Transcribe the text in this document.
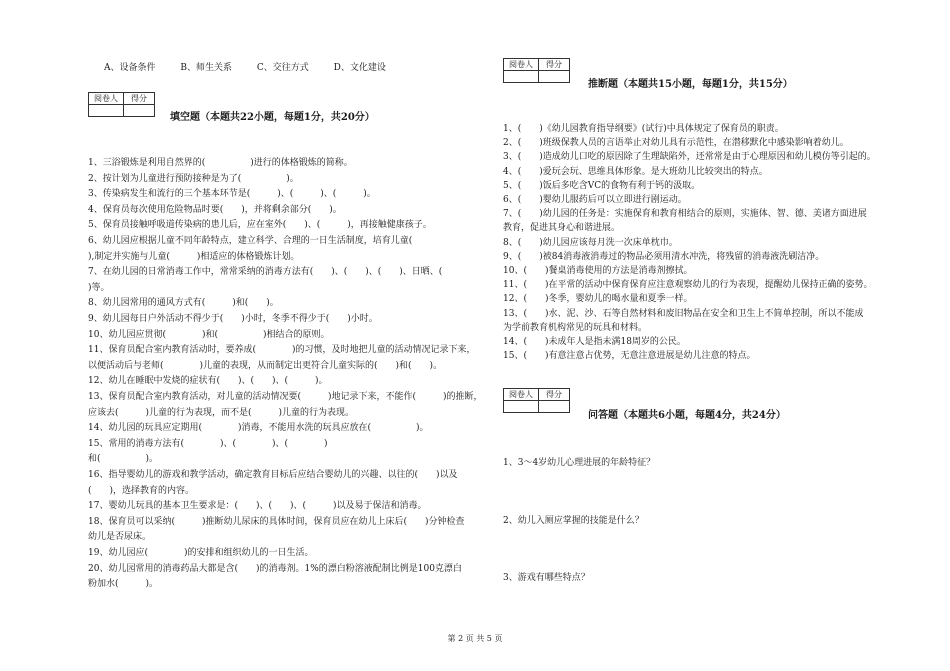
A、设备条件	B、师生关系	C、交往方式	D、文化建设
阅卷人	得分

填空题（本题共22小题，每题1分，共20分）
1、三浴锻炼是利用自然界的(　　　　　)进行的体格锻炼的简称。
2、按计划为儿童进行预防接种是为了(　　　　　)。
3、传染病发生和流行的三个基本环节是(　　　)、(　　　)、(　　　)。
4、保育员每次使用危险物品时要(　　)，并将剩余部分(　　)。
5、保育员接触呼吸道传染病的患儿后，应在室外(　　)、(　　　)，再接触健康孩子。
6、幼儿园应根据儿童不同年龄特点，建立科学、合理的一日生活制度，培育儿童(　　　　
),制定并实施与儿童(　　　)相适应的体格锻炼计划。
7、在幼儿园的日常消毒工作中，常常采纳的消毒方法有(　　)、(　　)、(　　)、日晒、(　　
)等。
8、幼儿园常用的通风方式有(　　　)和(　　)。
9、幼儿园每日户外活动不得少于(　　)小时，冬季不得少于(　　)小时。
10、幼儿园应贯彻(　　　　)和(　　　　　)相结合的原则。
11、保育员配合室内教育活动时，要养成(　　　　)的习惯，及时地把儿童的活动情况记录下来，
以便活动后与老师(　　　　)儿童的表现，从而制定出更符合儿童实际的(　　)和(　　)。
12、幼儿在睡眠中发烧的症状有(　　)、(　　)、(　　　)。
13、保育员配合室内教育活动，对儿童的活动情况要(　　　)地记录下来，不能作(　　　)的推断，
应该去(　　　)儿童的行为表现，而不是(　　　)儿童的行为表现。
14、幼儿园的玩具应定期用(　　　　)消毒，不能用水洗的玩具应放在(　　　　　)。
15、常用的消毒方法有(　　　　)、(　　　　)、(　　　　)
和(　　　　　)。
16、指导婴幼儿的游戏和教学活动，确定教育目标后应结合婴幼儿的兴趣、以往的(　　)以及
(　　)，选择教育的内容。
17、婴幼儿玩具的基本卫生要求是：(　　)、(　　)、(　　　)以及易于保洁和消毒。
18、保育员可以采纳(　　　)推断幼儿尿床的具体时间，保育员应在幼儿上床后(　　)分钟检查
幼儿是否尿床。
19、幼儿园应(　　　　)的安排和组织幼儿的一日生活。
20、幼儿园常用的消毒药品大都是含(　　)的消毒剂。1%的漂白粉溶液配制比例是100克漂白
粉加水(　　　)。
阅卷人	得分

推断题（本题共15小题，每题1分，共15分）
1、(　　)《幼儿园教育指导纲要》(试行)中具体规定了保育员的职责。
2、(　　)班级保教人员的言语举止对幼儿具有示范性，在潜移默化中感染影响着幼儿。
3、(　　)造成幼儿口吃的原因除了生理缺陷外，还常常是由于心理原因和幼儿模仿等引起的。
4、(　　)爱玩会玩、思维具体形象。是大班幼儿比较突出的特点。
5、(　　)饭后多吃含VC的食物有利于钙的汲取。
6、(　　)婴幼儿服药后可以立即进行剧运动。
7、(　　)幼儿园的任务是：实施保育和教育相结合的原则，实施体、智、德、美诸方面进展
教育，促进其身心和谐进展。
8、(　　)幼儿园应该每月洗一次床单枕巾。
9、(　　)被84消毒液消毒过的物品必须用清水冲洗，将残留的消毒液洗刷洁净。
10、(　　)餐桌消毒使用的方法是消毒剂擦拭。
11、(　　)在平常的活动中保育保育应注意观察幼儿的行为表现，提醒幼儿保持正确的姿势。
12、(　　)冬季，婴幼儿的喝水量和夏季一样。
13、(　　)水、泥、沙、石等自然材料和废旧物品在安全和卫生上不简单控制，所以不能成
为学前教育机构常见的玩具和材料。
14、(　　)未成年人是指未满18周岁的公民。
15、(　　)有意注意占优势，无意注意进展是幼儿注意的特点。
阅卷人	得分

问答题（本题共6小题，每题4分，共24分）
1、3～4岁幼儿心理进展的年龄特征？
2、幼儿入厕应掌握的技能是什么？
3、游戏有哪些特点？
第 2 页 共 5 页
